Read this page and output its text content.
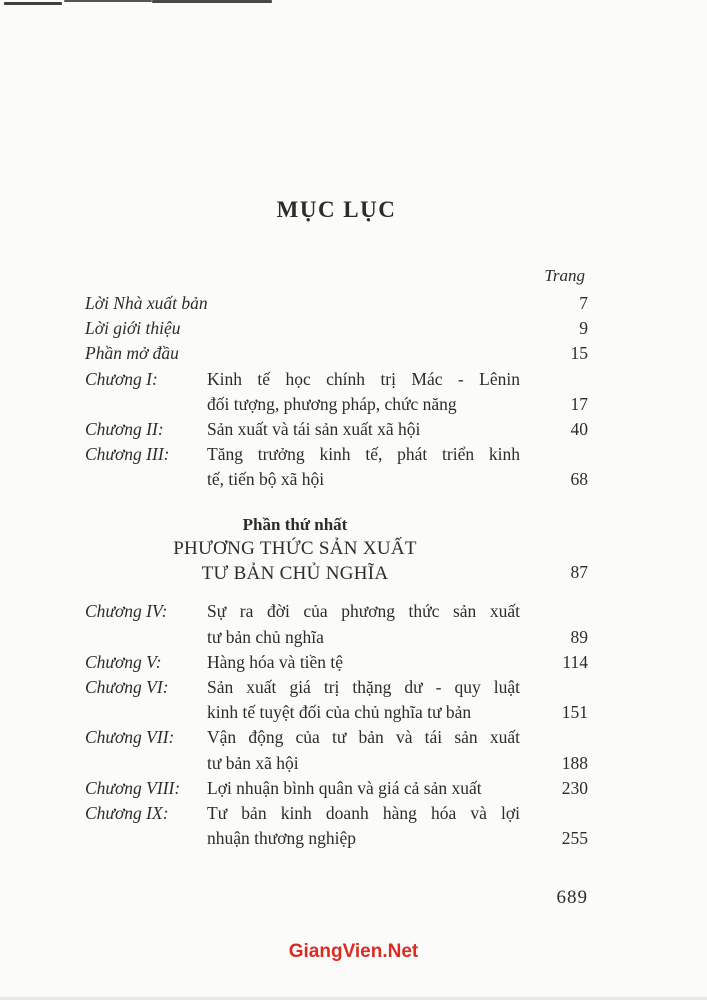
MỤC LỤC
Trang
Lời Nhà xuất bản	7
Lời giới thiệu	9
Phần mở đầu	15
Chương I:	Kinh tế học chính trị Mác - Lênin
đối tượng, phương pháp, chức năng	17
Chương II:	Sản xuất và tái sản xuất xã hội	40
Chương III:	Tăng trưởng kinh tế, phát triển kinh
tế, tiến bộ xã hội	68
Phần thứ nhất
PHƯƠNG THỨC SẢN XUẤT
TƯ BẢN CHỦ NGHĨA	87
Chương IV:	Sự ra đời của phương thức sản xuất
tư bản chủ nghĩa	89
Chương V:	Hàng hóa và tiền tệ	114
Chương VI:	Sản xuất giá trị thặng dư - quy luật
kinh tế tuyệt đối của chủ nghĩa tư bản	151
Chương VII:	Vận động của tư bản và tái sản xuất
tư bản xã hội	188
Chương VIII:	Lợi nhuận bình quân và giá cả sản xuất	230
Chương IX:	Tư bản kinh doanh hàng hóa và lợi
nhuận thương nghiệp	255
689
GiangVien.Net
